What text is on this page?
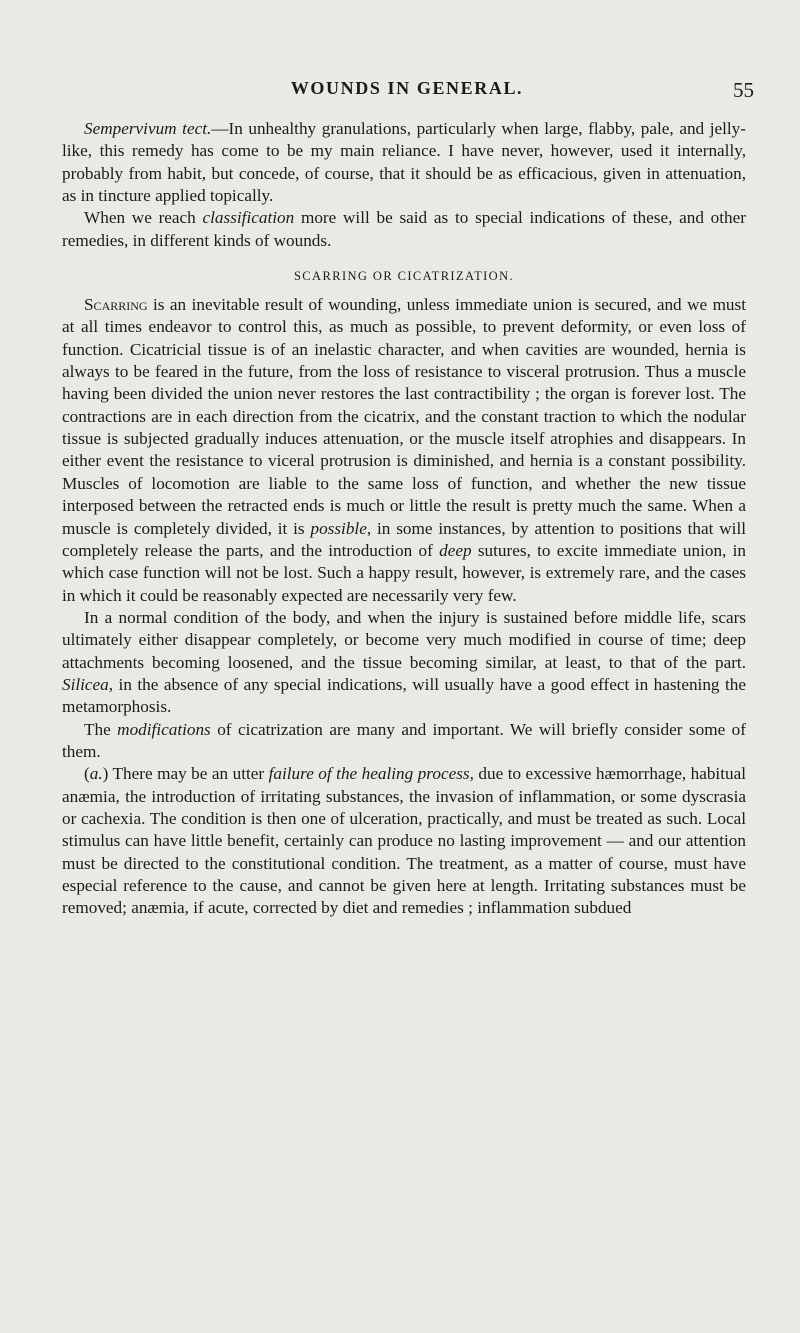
WOUNDS IN GENERAL.	55

Sempervivum tect.—In unhealthy granulations, particularly when large, flabby, pale, and jelly-like, this remedy has come to be my main reliance. I have never, however, used it internally, probably from habit, but concede, of course, that it should be as efficacious, given in attenuation, as in tincture applied topically.

When we reach classification more will be said as to special indications of these, and other remedies, in different kinds of wounds.

SCARRING OR CICATRIZATION.

Scarring is an inevitable result of wounding, unless immediate union is secured, and we must at all times endeavor to control this, as much as possible, to prevent deformity, or even loss of function. Cicatricial tissue is of an inelastic character, and when cavities are wounded, hernia is always to be feared in the future, from the loss of resistance to visceral protrusion. Thus a muscle having been divided the union never restores the last contractibility ; the organ is forever lost. The contractions are in each direction from the cicatrix, and the constant traction to which the nodular tissue is subjected gradually induces attenuation, or the muscle itself atrophies and disappears. In either event the resistance to viceral protrusion is diminished, and hernia is a constant possibility. Muscles of locomotion are liable to the same loss of function, and whether the new tissue interposed between the retracted ends is much or little the result is pretty much the same. When a muscle is completely divided, it is possible, in some instances, by attention to positions that will completely release the parts, and the introduction of deep sutures, to excite immediate union, in which case function will not be lost. Such a happy result, however, is extremely rare, and the cases in which it could be reasonably expected are necessarily very few.

In a normal condition of the body, and when the injury is sustained before middle life, scars ultimately either disappear completely, or become very much modified in course of time; deep attachments becoming loosened, and the tissue becoming similar, at least, to that of the part. Silicea, in the absence of any special indications, will usually have a good effect in hastening the metamorphosis.

The modifications of cicatrization are many and important. We will briefly consider some of them.

(a.) There may be an utter failure of the healing process, due to excessive hæmorrhage, habitual anæmia, the introduction of irritating substances, the invasion of inflammation, or some dyscrasia or cachexia. The condition is then one of ulceration, practically, and must be treated as such. Local stimulus can have little benefit, certainly can produce no lasting improvement — and our attention must be directed to the constitutional condition. The treatment, as a matter of course, must have especial reference to the cause, and cannot be given here at length. Irritating substances must be removed; anæmia, if acute, corrected by diet and remedies ; inflammation subdued
